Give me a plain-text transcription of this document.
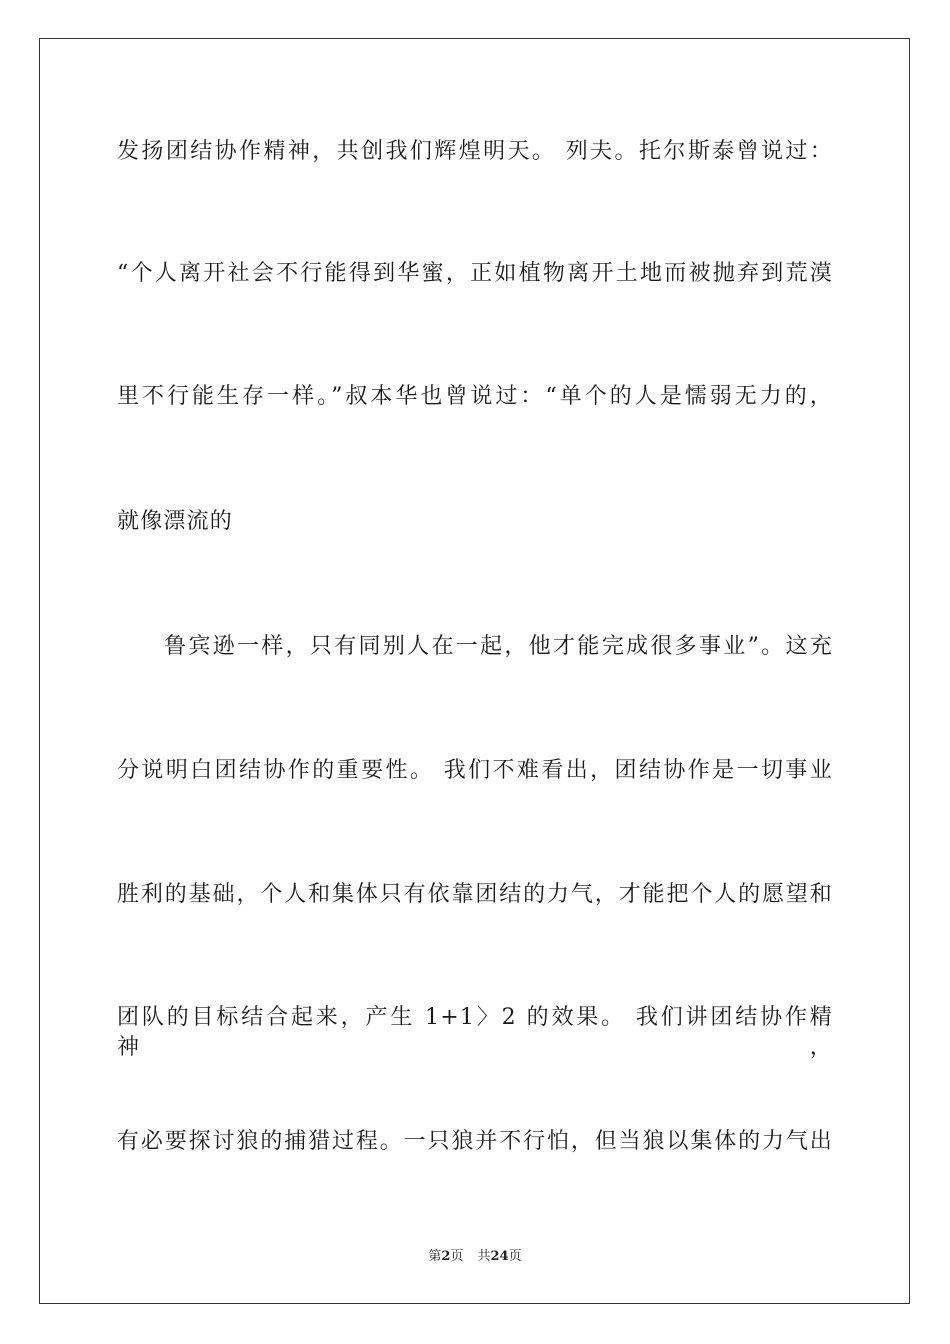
发扬团结协作精神，共创我们辉煌明天。 列夫。托尔斯泰曾说过：
“个人离开社会不行能得到华蜜，正如植物离开土地而被抛弃到荒漠
里不行能生存一样。”叔本华也曾说过：“单个的人是懦弱无力的，
就像漂流的
鲁宾逊一样，只有同别人在一起，他才能完成很多事业”。这充
分说明白团结协作的重要性。 我们不难看出，团结协作是一切事业
胜利的基础，个人和集体只有依靠团结的力气，才能把个人的愿望和
团队的目标结合起来，产生 1+1〉2 的效果。 我们讲团结协作精神，
有必要探讨狼的捕猎过程。一只狼并不行怕，但当狼以集体的力气出
第2页 共24页
